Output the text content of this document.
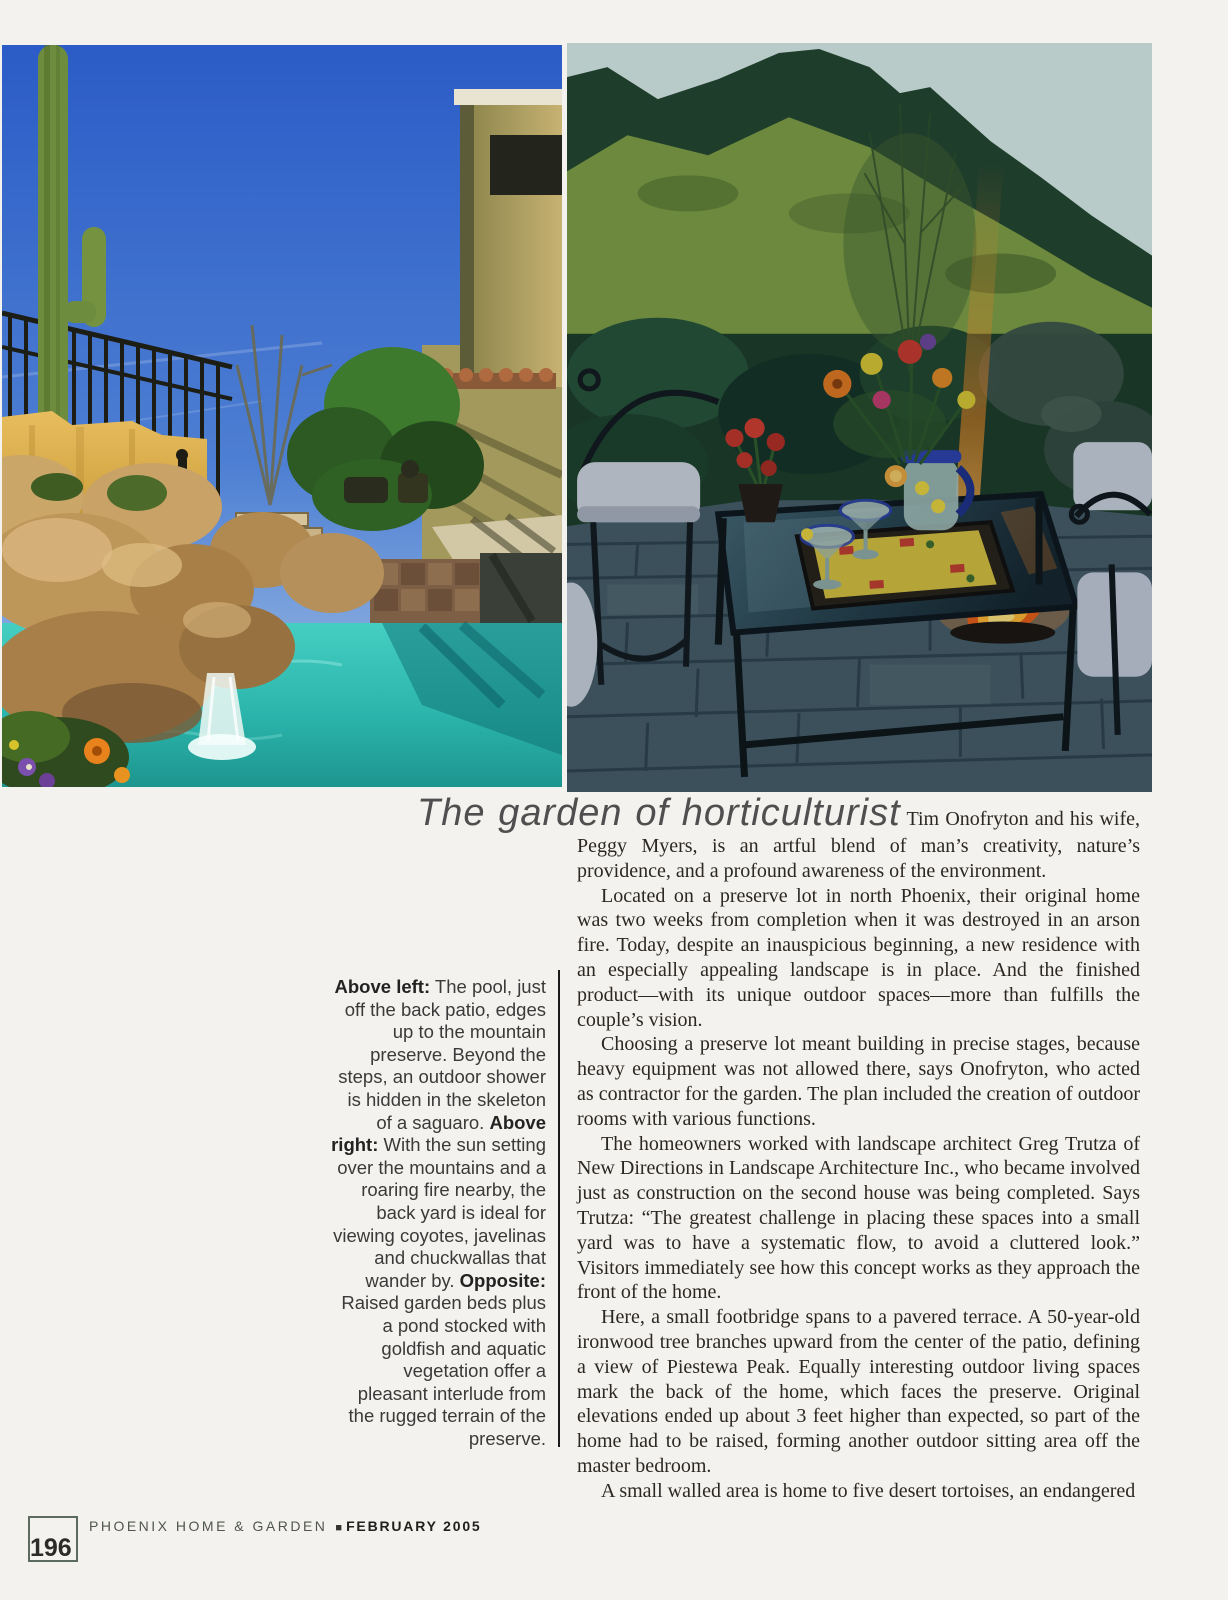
The garden of horticulturist Tim Onofryton and his wife, Peggy Myers, is an artful blend of man’s creativity, nature’s providence, and a profound awareness of the environment.

Located on a preserve lot in north Phoenix, their original home was two weeks from completion when it was destroyed in an arson fire. Today, despite an inauspicious beginning, a new residence with an especially appealing landscape is in place. And the finished product—with its unique outdoor spaces—more than fulfills the couple’s vision.

Choosing a preserve lot meant building in precise stages, because heavy equipment was not allowed there, says Onofryton, who acted as contractor for the garden. The plan included the creation of outdoor rooms with various functions.

The homeowners worked with landscape architect Greg Trutza of New Directions in Landscape Architecture Inc., who became involved just as construction on the second house was being completed. Says Trutza: “The greatest challenge in placing these spaces into a small yard was to have a systematic flow, to avoid a cluttered look.” Visitors immediately see how this concept works as they approach the front of the home.

Here, a small footbridge spans to a pavered terrace. A 50-year-old ironwood tree branches upward from the center of the patio, defining a view of Piestewa Peak. Equally interesting outdoor living spaces mark the back of the home, which faces the preserve. Original elevations ended up about 3 feet higher than expected, so part of the home had to be raised, forming another outdoor sitting area off the master bedroom.

A small walled area is home to five desert tortoises, an endangered

Above left: The pool, just off the back patio, edges up to the mountain preserve. Beyond the steps, an outdoor shower is hidden in the skeleton of a saguaro. Above right: With the sun setting over the mountains and a roaring fire nearby, the back yard is ideal for viewing coyotes, javelinas and chuckwallas that wander by. Opposite: Raised garden beds plus a pond stocked with goldfish and aquatic vegetation offer a pleasant interlude from the rugged terrain of the preserve.
196
PHOENIX HOME & GARDEN ■ FEBRUARY 2005
